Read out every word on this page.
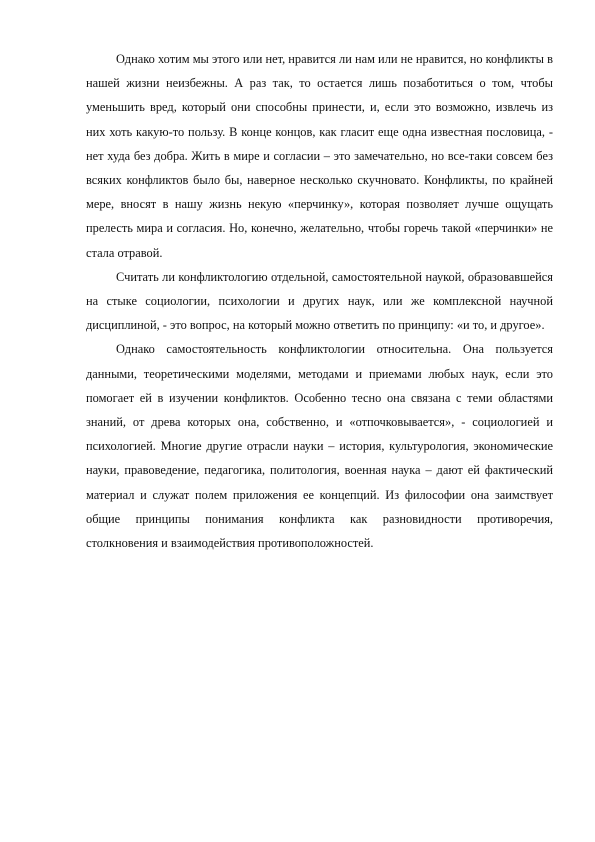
Однако хотим мы этого или нет, нравится ли нам или не нравится, но конфликты в нашей жизни неизбежны. А раз так, то остается лишь позаботиться о том, чтобы уменьшить вред, который они способны принести, и, если это возможно, извлечь из них хоть какую-то пользу. В конце концов, как гласит еще одна известная пословица, - нет худа без добра. Жить в мире и согласии – это замечательно, но все-таки совсем без всяких конфликтов было бы, наверное несколько скучновато. Конфликты, по крайней мере, вносят в нашу жизнь некую «перчинку», которая позволяет лучше ощущать прелесть мира и согласия. Но, конечно, желательно, чтобы горечь такой «перчинки» не стала отравой.

Считать ли конфликтологию отдельной, самостоятельной наукой, образовавшейся на стыке социологии, психологии и других наук, или же комплексной научной дисциплиной, - это вопрос, на который можно ответить по принципу: «и то, и другое».

Однако самостоятельность конфликтологии относительна. Она пользуется данными, теоретическими моделями, методами и приемами любых наук, если это помогает ей в изучении конфликтов. Особенно тесно она связана с теми областями знаний, от древа которых она, собственно, и «отпочковывается», - социологией и психологией. Многие другие отрасли науки – история, культурология, экономические науки, правоведение, педагогика, политология, военная наука – дают ей фактический материал и служат полем приложения ее концепций. Из философии она заимствует общие принципы понимания конфликта как разновидности противоречия, столкновения и взаимодействия противоположностей.
